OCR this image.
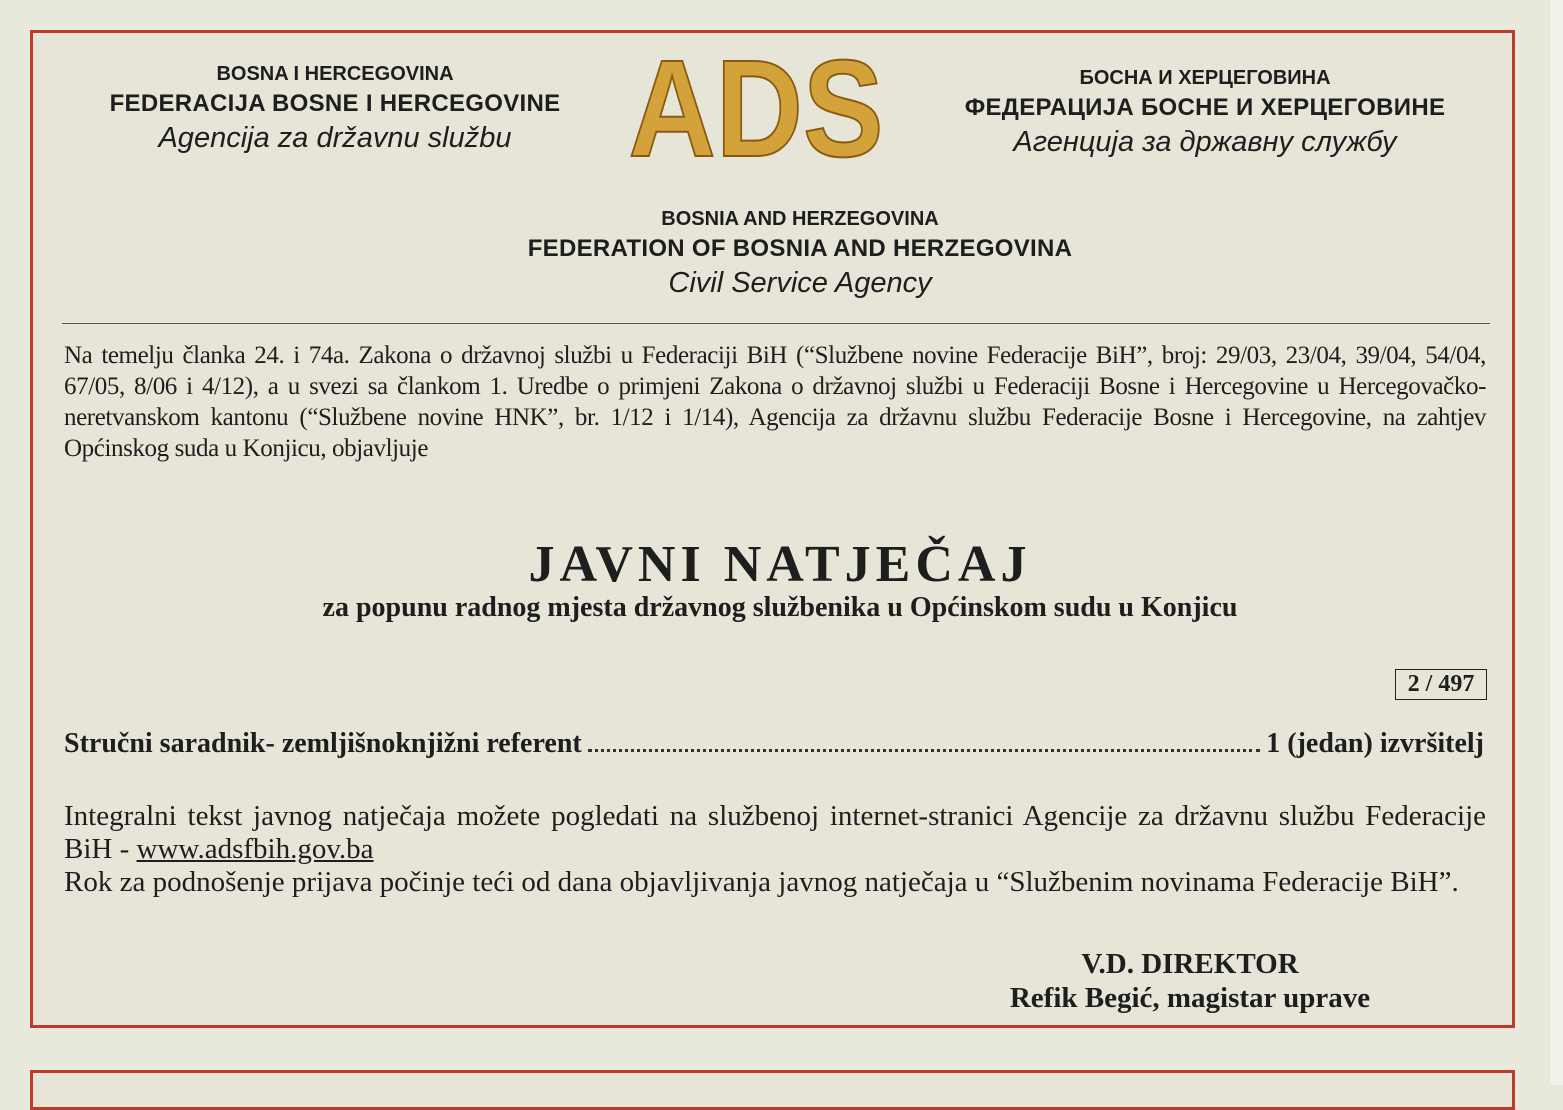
BOSNA I HERCEGOVINA
FEDERACIJA BOSNE I HERCEGOVINE
Agencija za državnu službu ADS	БОСНА И ХЕРЦЕГОВИНА
ФЕДЕРАЦИЈА БОСНЕ И ХЕРЦЕГОВИНЕ
Агенција за државну службу
BOSNIA AND HERZEGOVINA
FEDERATION OF BOSNIA AND HERZEGOVINA
Civil Service Agency
Na temelju članka 24. i 74a. Zakona o državnoj službi u Federaciji BiH (“Službene novine Federacije BiH”, broj: 29/03, 23/04, 39/04, 54/04, 67/05, 8/06 i 4/12), a u svezi sa člankom 1. Uredbe o primjeni Zakona o državnoj službi u Federaciji Bosne i Hercegovine u Hercegovačko-neretvanskom kantonu (“Službene novine HNK”, br. 1/12 i 1/14), Agencija za državnu službu Federacije Bosne i Hercegovine, na zahtjev Općinskog suda u Konjicu, objavljuje
JAVNI NATJEČAJ
za popunu radnog mjesta državnog službenika u Općinskom sudu u Konjicu
2 / 497
Stručni saradnik- zemljišnoknjižni referent	1 (jedan) izvršitelj
Integralni tekst javnog natječaja možete pogledati na službenoj internet-stranici Agencije za državnu službu Federacije BiH - www.adsfbih.gov.ba
Rok za podnošenje prijava počinje teći od dana objavljivanja javnog natječaja u “Službenim novinama Federacije BiH”.
V.D. DIREKTOR
Refik Begić, magistar uprave
